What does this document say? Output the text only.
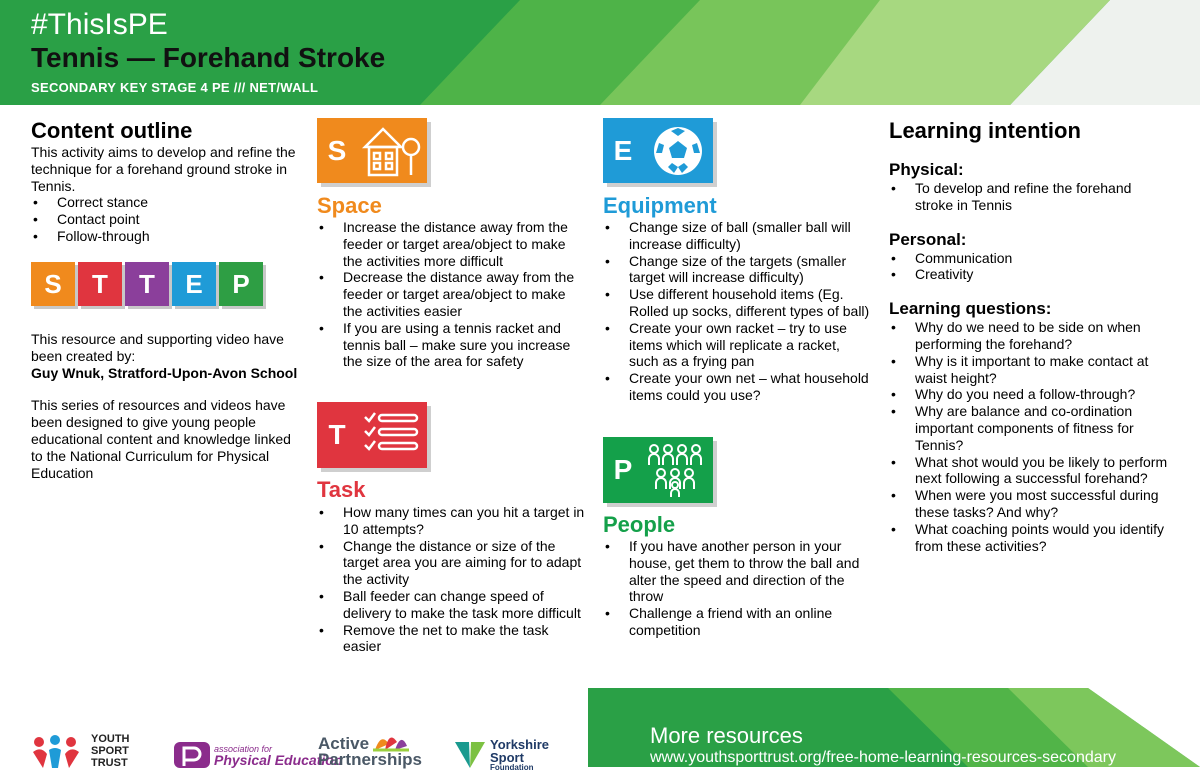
#ThisIsPE
Tennis — Forehand Stroke
SECONDARY KEY STAGE 4 PE /// NET/WALL
Content outline

This activity aims to develop and refine the technique for a forehand ground stroke in Tennis.

• Correct stance
• Contact point
• Follow-through
S	T	T	E	P

This resource and supporting video have been created by:

Guy Wnuk, Stratford-Upon-Avon School

This series of resources and videos have been designed to give young people educational content and knowledge linked to the National Curriculum for Physical Education

S
Space
• Increase the distance away from the feeder or target area/object to make the activities more difficult
• Decrease the distance away from the feeder or target area/object to make the activities easier
• If you are using a tennis racket and tennis ball – make sure you increase the size of the area for safety
T
Task
• How many times can you hit a target in 10 attempts?
• Change the distance or size of the target area you are aiming for to adapt the activity
• Ball feeder can change speed of delivery to make the task more difficult
• Remove the net to make the task easier
E
Equipment
• Change size of ball (smaller ball will increase difficulty)
• Change size of the targets (smaller target will increase difficulty)
• Use different household items (Eg. Rolled up socks, different types of ball)
• Create your own racket – try to use items which will replicate a racket, such as a frying pan
• Create your own net – what household items could you use?
P
People
• If you have another person in your house, get them to throw the ball and alter the speed and direction of the throw
• Challenge a friend with an online competition
Learning intention
Physical:
• To develop and refine the forehand stroke in Tennis
Personal:
• Communication
• Creativity
Learning questions:
• Why do we need to be side on when performing the forehand?
• Why is it important to make contact at waist height?
• Why do you need a follow-through?
• Why are balance and co-ordination important components of fitness for Tennis?
• What shot would you be likely to perform next following a successful forehand?
• When were you most successful during these tasks? And why?
• What coaching points would you identify from these activities?
YOUTH
SPORT
TRUST
association for
Physical Education
Active
Partnerships
Yorkshire
Sport
Foundation
More resources
www.youthsporttrust.org/free-home-learning-resources-secondary
